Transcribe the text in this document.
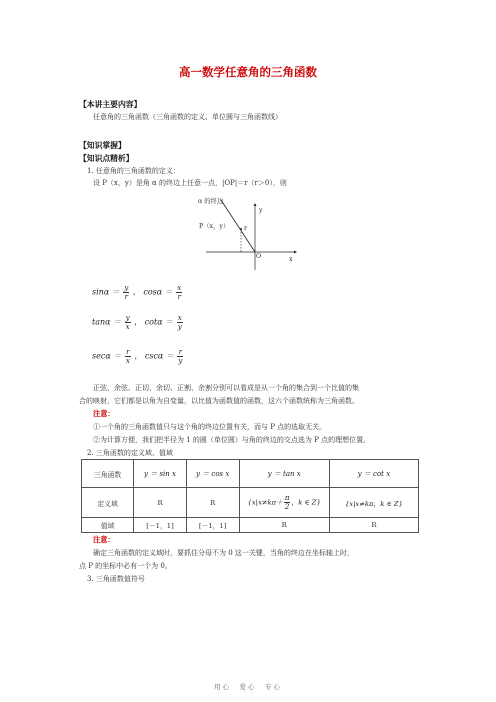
高一数学任意角的三角函数
【本讲主要内容】
任意角的三角函数（三角函数的定义、单位圆与三角函数线）
【知识掌握】
【知识点精析】
1. 任意角的三角函数的定义：
设 P（x，y）是角 α 的终边上任意一点，|OP|＝r（r＞0），则
α 的终边
P（x，y） r
y
x
O
$\sin\alpha = \frac{y}{r}$ ， $\cos\alpha = \frac{x}{r}$
$\tan\alpha = \frac{y}{x}$ ， $\cot\alpha = \frac{x}{y}$
$\sec\alpha = \frac{r}{x}$ ， $\csc\alpha = \frac{r}{y}$
正弦、余弦、正切、余切、正割、余割分别可以看成是从一个角的集合到一个比值的集
合的映射，它们都是以角为自变量，以比值为函数值的函数，这六个函数统称为三角函数。
注意：
①一个角的三角函数值只与这个角的终边位置有关，而与 P 点的选取无关。
②为计算方便，我们把半径为 1 的圆（单位圆）与角的终边的交点选为 P 点的理想位置。
2. 三角函数的定义域、值域
三角函数	y ＝ sin x	y ＝ cos x	y ＝ tan x	y ＝ cot x
定义域	R	R	{$x|x\ne k\pi+ \frac{\pi}{2}$ ，k ∈ Z}	{x|x≠kπ，k ∈ Z}
值域	[－1，1]	[－1，1]	R	R
注意：
确定三角函数的定义域时，要抓住分母不为 0 这一关键，当角的终边在坐标轴上时，
点 P 的坐标中必有一个为 0。
3. 三角函数值符号
用心　爱心　专心
